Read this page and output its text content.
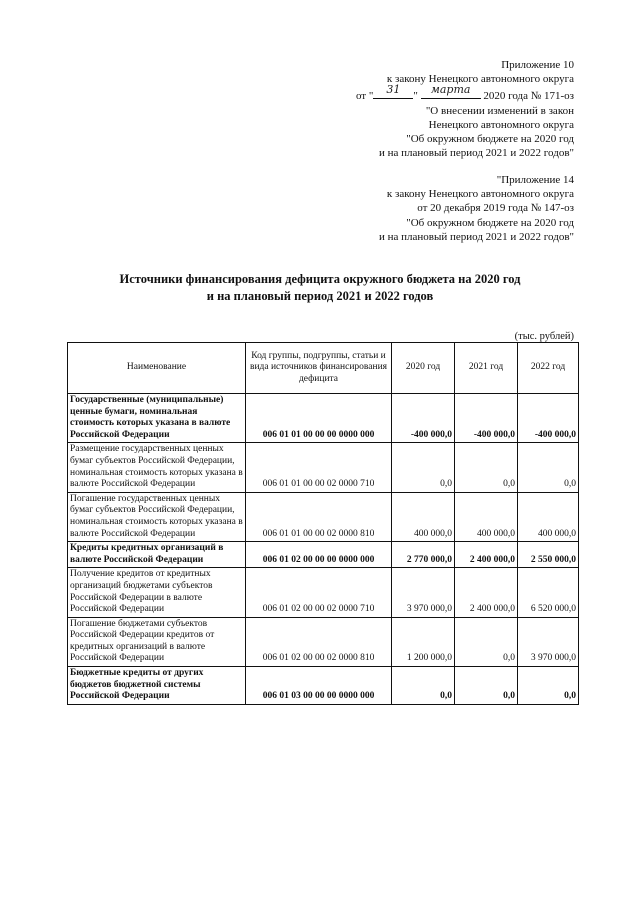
Приложение 10
к закону Ненецкого автономного округа
от "	31	" марта 2020 года № 171-оз
"О внесении изменений в закон
Ненецкого автономного округа
"Об окружном бюджете на 2020 год
и на плановый период 2021 и 2022 годов"
"Приложение 14
к закону Ненецкого автономного округа
от 20 декабря 2019 года № 147-оз
"Об окружном бюджете на 2020 год
и на плановый период 2021 и 2022 годов"
Источники финансирования дефицита окружного бюджета на 2020 год
и на плановый период 2021 и 2022 годов
(тыс. рублей)
Наименование	Код группы, подгруппы, статьи и вида источников финансирования дефицита	2020 год	2021 год	2022 год
Государственные (муниципальные) ценные бумаги, номинальная стоимость которых указана в валюте Российской Федерации	006 01 01 00 00 00 0000 000	-400 000,0	-400 000,0	-400 000,0
Размещение государственных ценных бумаг субъектов Российской Федерации, номинальная стоимость которых указана в валюте Российской Федерации	006 01 01 00 00 02 0000 710	0,0	0,0	0,0
Погашение государственных ценных бумаг субъектов Российской Федерации, номинальная стоимость которых указана в валюте Российской Федерации	006 01 01 00 00 02 0000 810	400 000,0	400 000,0	400 000,0
Кредиты кредитных организаций в валюте Российской Федерации	006 01 02 00 00 00 0000 000	2 770 000,0	2 400 000,0	2 550 000,0
Получение кредитов от кредитных организаций бюджетами субъектов Российской Федерации в валюте Российской Федерации	006 01 02 00 00 02 0000 710	3 970 000,0	2 400 000,0	6 520 000,0
Погашение бюджетами субъектов Российской Федерации кредитов от кредитных организаций в валюте Российской Федерации	006 01 02 00 00 02 0000 810	1 200 000,0	0,0	3 970 000,0
Бюджетные кредиты от других бюджетов бюджетной системы Российской Федерации	006 01 03 00 00 00 0000 000	0,0	0,0	0,0
